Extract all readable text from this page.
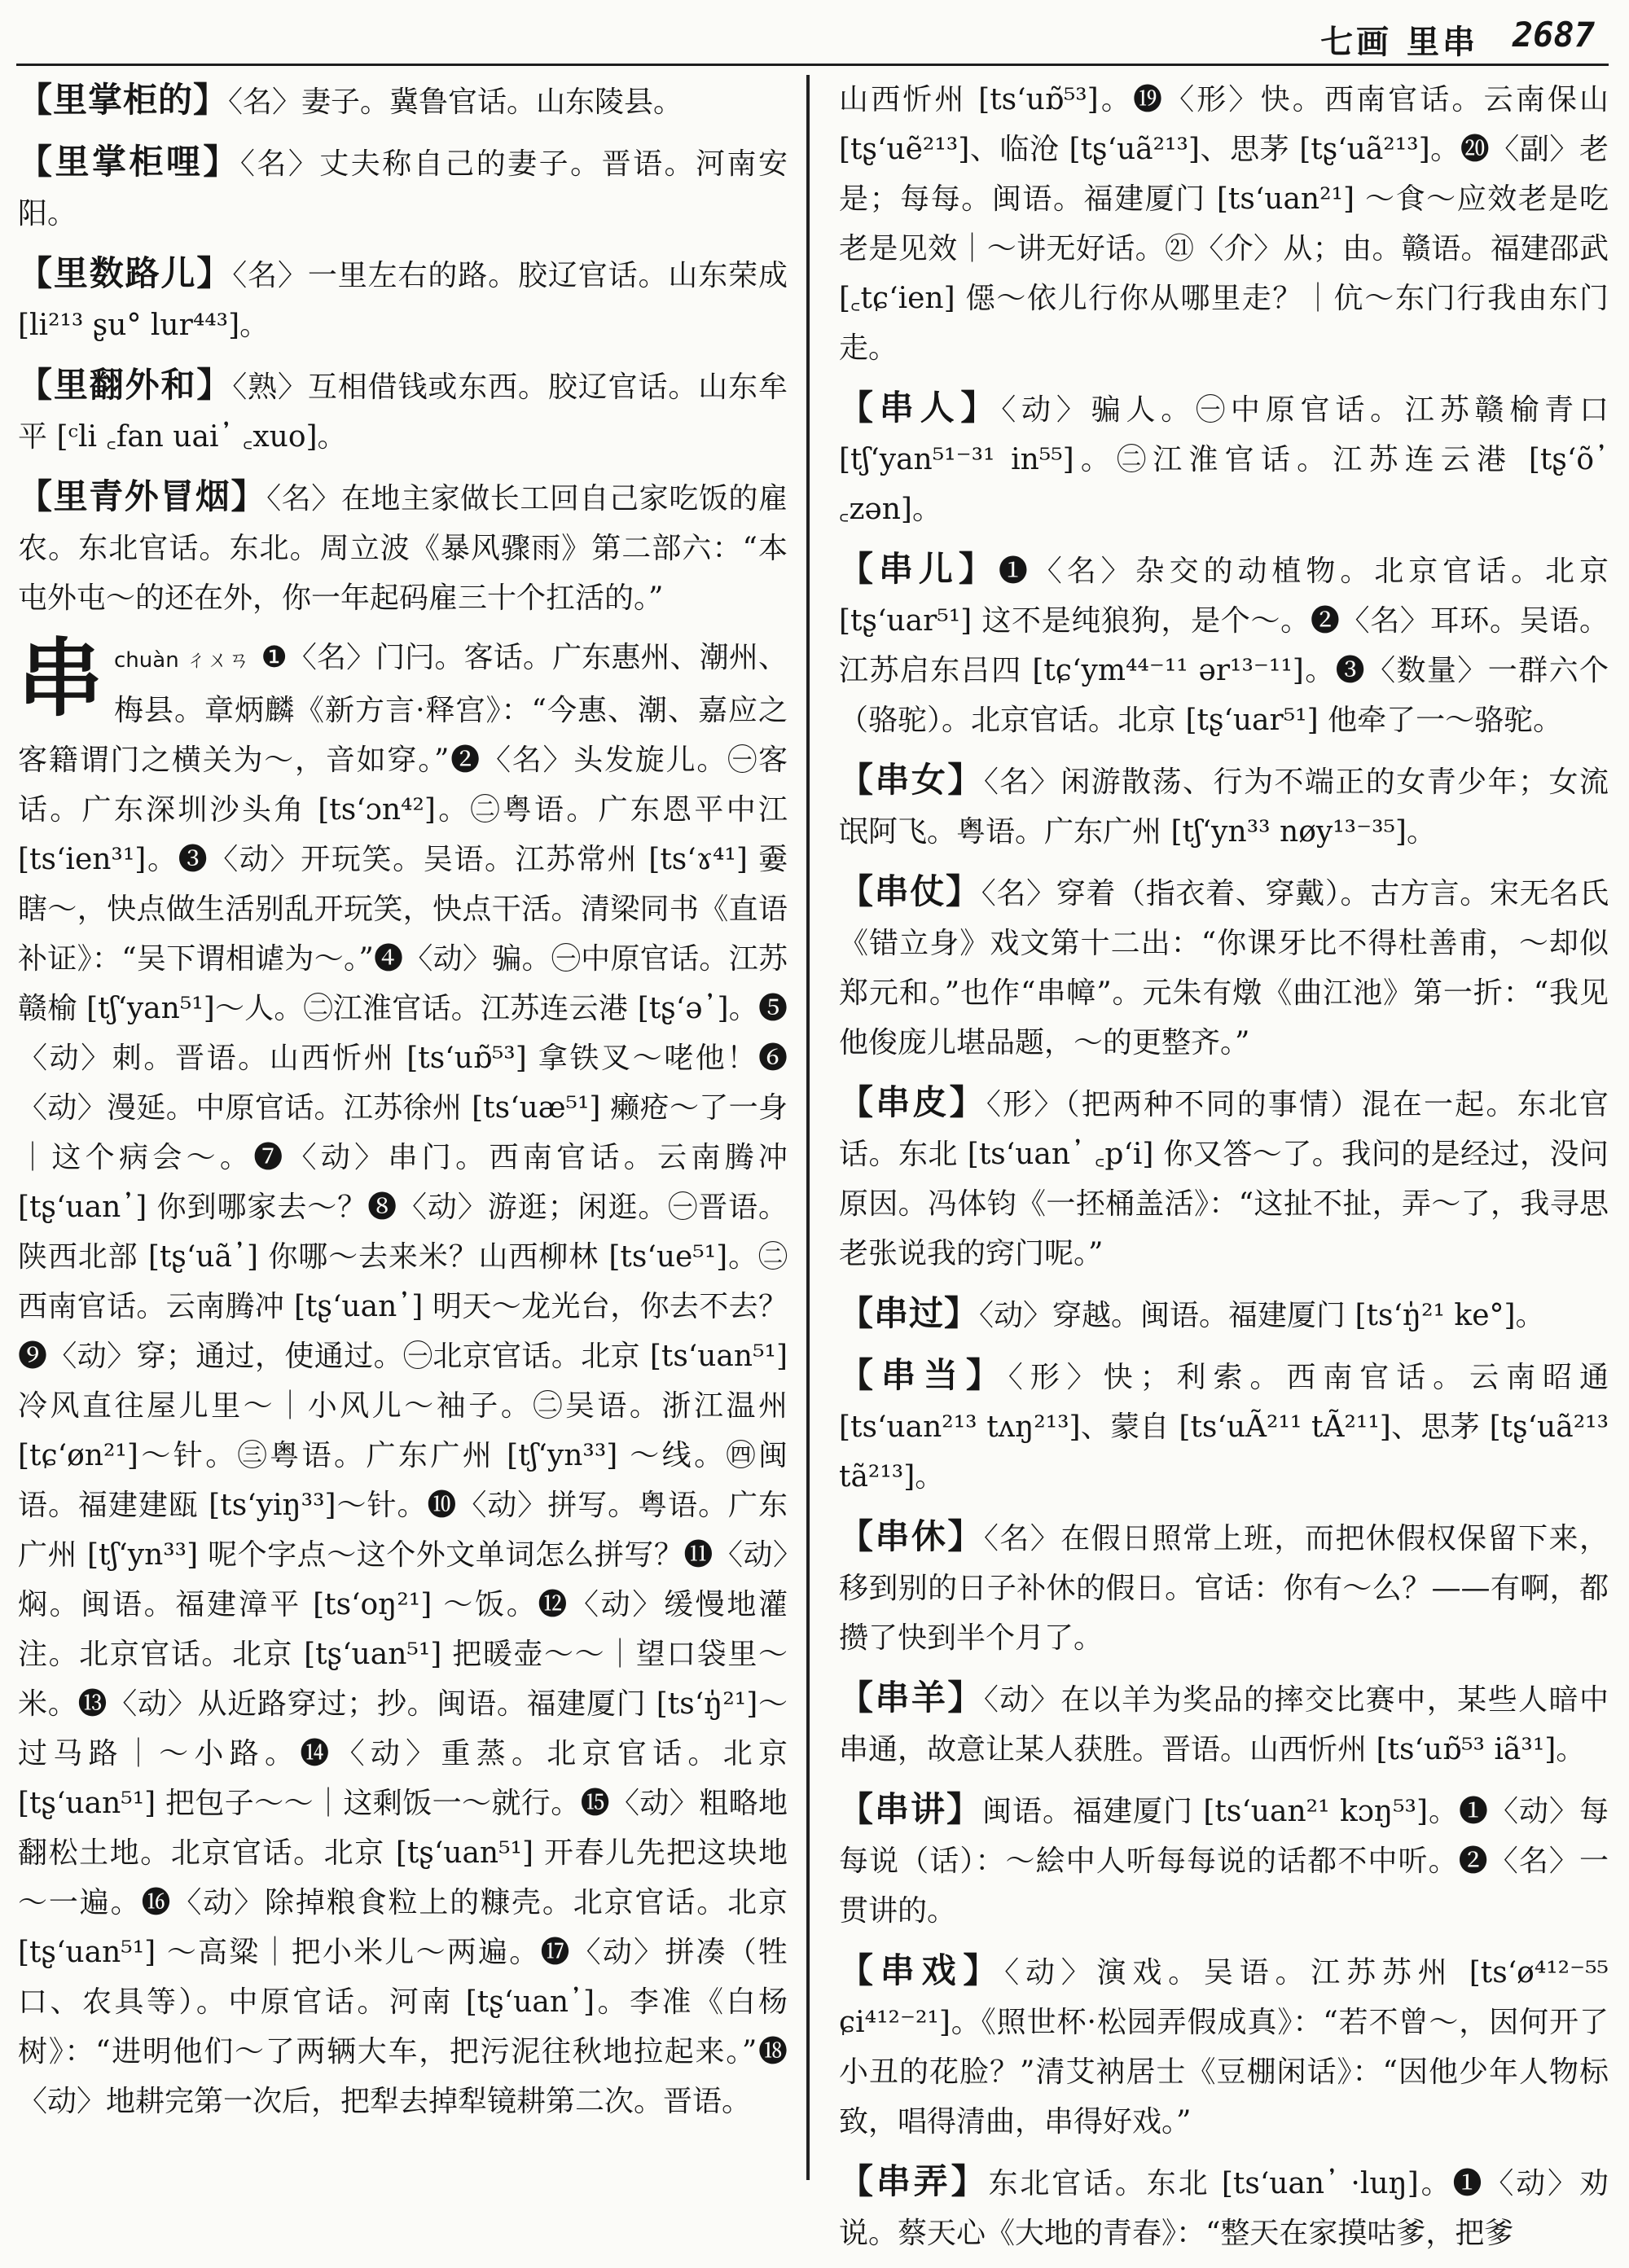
七画 里串 2687
【里掌柜的】〈名〉妻子。冀鲁官话。山东陵县。
【里掌柜哩】〈名〉丈夫称自己的妻子。晋语。河南安阳。
【里数路儿】〈名〉一里左右的路。胶辽官话。山东荣成 [li²¹³ ʂu° lur⁴⁴³]。
【里翻外和】〈熟〉互相借钱或东西。胶辽官话。山东牟平 [ᶜli ꜀fan uai᾽ ꜀xuo]。
【里青外冒烟】〈名〉在地主家做长工回自己家吃饭的雇农。东北官话。东北。周立波《暴风骤雨》第二部六：“本屯外屯～的还在外，你一年起码雇三十个扛活的。”
串chuàn ㄔㄨㄢ ❶〈名〉门闩。客话。广东惠州、潮州、梅县。章炳麟《新方言·释宫》：“今惠、潮、嘉应之客籍谓门之横关为～，音如穿。”❷〈名〉头发旋儿。㊀客话。广东深圳沙头角 [ts‘ɔn⁴²]。㊁粤语。广东恩平中江 [ts‘ien³¹]。❸〈动〉开玩笑。吴语。江苏常州 [ts‘ɤ⁴¹] 嫑瞎～，快点做生活别乱开玩笑，快点干活。清梁同书《直语补证》：“吴下谓相谑为～。”❹〈动〉骗。㊀中原官话。江苏赣榆 [tʃ‘yan⁵¹]～人。㊁江淮官话。江苏连云港 [tʂ‘ə᾽]。❺〈动〉刺。晋语。山西忻州 [ts‘uɒ̃⁵³] 拿铁叉～咾他！❻〈动〉漫延。中原官话。江苏徐州 [ts‘uæ⁵¹] 癞疮～了一身｜这个病会～。❼〈动〉串门。西南官话。云南腾冲 [tʂ‘uan᾽] 你到哪家去～？❽〈动〉游逛；闲逛。㊀晋语。陕西北部 [tʂ‘uã᾽] 你哪～去来米？山西柳林 [ts‘ue⁵¹]。㊁西南官话。云南腾冲 [tʂ‘uan᾽] 明天～龙光台，你去不去？❾〈动〉穿；通过，使通过。㊀北京官话。北京 [ts‘uan⁵¹] 冷风直往屋儿里～｜小风儿～袖子。㊁吴语。浙江温州 [tɕ‘øn²¹]～针。㊂粤语。广东广州 [tʃ‘yn³³] ～线。㊃闽语。福建建瓯 [ts‘yiŋ³³]～针。❿〈动〉拼写。粤语。广东广州 [tʃ‘yn³³] 呢个字点～这个外文单词怎么拼写？⓫〈动〉焖。闽语。福建漳平 [ts‘oŋ²¹] ～饭。⓬〈动〉缓慢地灌注。北京官话。北京 [tʂ‘uan⁵¹] 把暖壶～～｜望口袋里～米。⓭〈动〉从近路穿过；抄。闽语。福建厦门 [ts‘ŋ̍²¹]～过马路｜～小路。⓮〈动〉重蒸。北京官话。北京 [tʂ‘uan⁵¹] 把包子～～｜这剩饭一～就行。⓯〈动〉粗略地翻松土地。北京官话。北京 [tʂ‘uan⁵¹] 开春儿先把这块地～一遍。⓰〈动〉除掉粮食粒上的糠壳。北京官话。北京 [tʂ‘uan⁵¹] ～高粱｜把小米儿～两遍。⓱〈动〉拼凑（牲口、农具等）。中原官话。河南 [tʂ‘uan᾽]。李准《白杨树》：“进明他们～了两辆大车，把污泥往秋地拉起来。”⓲〈动〉地耕完第一次后，把犁去掉犁镜耕第二次。晋语。
山西忻州 [ts‘uɒ̃⁵³]。⓳〈形〉快。西南官话。云南保山 [tʂ‘uẽ²¹³]、临沧 [tʂ‘uã²¹³]、思茅 [tʂ‘uã²¹³]。⓴〈副〉老是；每每。闽语。福建厦门 [ts‘uan²¹] ～食～应效老是吃老是见效｜～讲无好话。㉑〈介〉从；由。赣语。福建邵武 [꜀tɕ‘ien] 僫～依儿行你从哪里走？｜伉～东门行我由东门走。
【串人】〈动〉骗人。㊀中原官话。江苏赣榆青口 [tʃ‘yan⁵¹⁻³¹ in⁵⁵]。㊁江淮官话。江苏连云港 [tʂ‘õ᾽ ꜀zən]。
【串儿】❶〈名〉杂交的动植物。北京官话。北京 [tʂ‘uar⁵¹] 这不是纯狼狗，是个～。❷〈名〉耳环。吴语。江苏启东吕四 [tɕ‘ym⁴⁴⁻¹¹ ər¹³⁻¹¹]。❸〈数量〉一群六个（骆驼）。北京官话。北京 [tʂ‘uar⁵¹] 他牵了一～骆驼。
【串女】〈名〉闲游散荡、行为不端正的女青少年；女流氓阿飞。粤语。广东广州 [tʃ‘yn³³ nøy¹³⁻³⁵]。
【串仗】〈名〉穿着（指衣着、穿戴）。古方言。宋无名氏《错立身》戏文第十二出：“你课牙比不得杜善甫，～却似郑元和。”也作“串幛”。元朱有燉《曲江池》第一折：“我见他俊庞儿堪品题，～的更整齐。”
【串皮】〈形〉（把两种不同的事情）混在一起。东北官话。东北 [ts‘uan᾽ ꜀p‘i] 你又答～了。我问的是经过，没问原因。冯体钧《一抷桶盖活》：“这扯不扯，弄～了，我寻思老张说我的窍门呢。”
【串过】〈动〉穿越。闽语。福建厦门 [ts‘ŋ̍²¹ ke°]。
【串当】〈形〉快；利索。西南官话。云南昭通 [ts‘uan²¹³ tʌŋ²¹³]、蒙自 [ts‘uÃ²¹¹ tÃ²¹¹]、思茅 [tʂ‘uã²¹³ tã²¹³]。
【串休】〈名〉在假日照常上班，而把休假权保留下来，移到别的日子补休的假日。官话：你有～么？——有啊，都攒了快到半个月了。
【串羊】〈动〉在以羊为奖品的摔交比赛中，某些人暗中串通，故意让某人获胜。晋语。山西忻州 [ts‘uɒ̃⁵³ iã³¹]。
【串讲】闽语。福建厦门 [ts‘uan²¹ kɔŋ⁵³]。❶〈动〉每每说（话）：～絵中人听每每说的话都不中听。❷〈名〉一贯讲的。
【串戏】〈动〉演戏。吴语。江苏苏州 [ts‘ø⁴¹²⁻⁵⁵ ɕi⁴¹²⁻²¹]。《照世杯·松园弄假成真》：“若不曾～，因何开了小丑的花脸？”清艾衲居士《豆棚闲话》：“因他少年人物标致，唱得清曲，串得好戏。”
【串弄】东北官话。东北 [ts‘uan᾽ ·luŋ]。❶〈动〉劝说。蔡天心《大地的青春》：“整天在家摸咕爹，把爹
